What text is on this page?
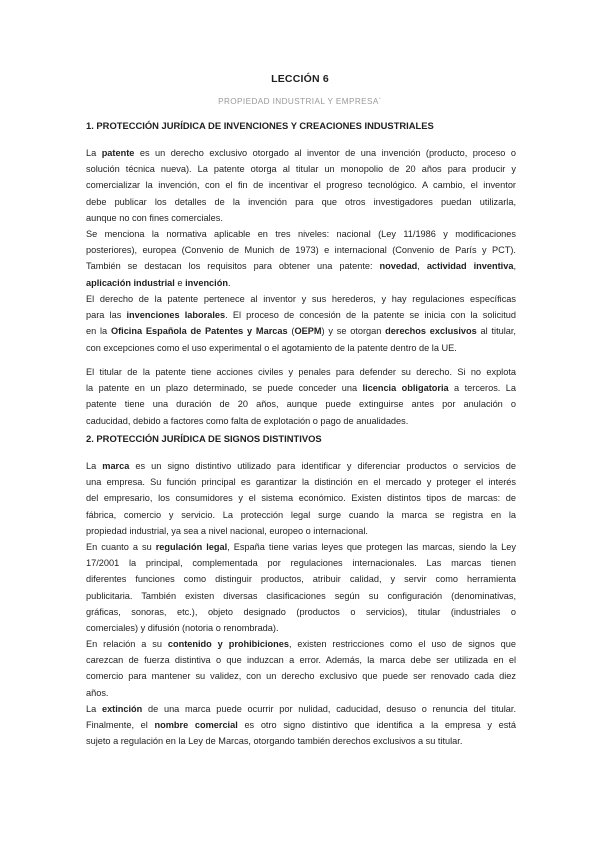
LECCIÓN 6
PROPIEDAD INDUSTRIAL Y EMPRESA´
1. PROTECCIÓN JURÍDICA DE INVENCIONES Y CREACIONES INDUSTRIALES
La patente es un derecho exclusivo otorgado al inventor de una invención (producto, proceso o
solución técnica nueva). La patente otorga al titular un monopolio de 20 años para producir y
comercializar la invención, con el fin de incentivar el progreso tecnológico. A cambio, el inventor
debe publicar los detalles de la invención para que otros investigadores puedan utilizarla,
aunque no con fines comerciales.
Se menciona la normativa aplicable en tres niveles: nacional (Ley 11/1986 y modificaciones
posteriores), europea (Convenio de Munich de 1973) e internacional (Convenio de París y PCT).
También se destacan los requisitos para obtener una patente: novedad, actividad inventiva,
aplicación industrial e invención.
El derecho de la patente pertenece al inventor y sus herederos, y hay regulaciones específicas
para las invenciones laborales. El proceso de concesión de la patente se inicia con la solicitud
en la Oficina Española de Patentes y Marcas (OEPM) y se otorgan derechos exclusivos al titular,
con excepciones como el uso experimental o el agotamiento de la patente dentro de la UE.
El titular de la patente tiene acciones civiles y penales para defender su derecho. Si no explota
la patente en un plazo determinado, se puede conceder una licencia obligatoria a terceros. La
patente tiene una duración de 20 años, aunque puede extinguirse antes por anulación o
caducidad, debido a factores como falta de explotación o pago de anualidades.
2. PROTECCIÓN JURÍDICA DE SIGNOS DISTINTIVOS
La marca es un signo distintivo utilizado para identificar y diferenciar productos o servicios de
una empresa. Su función principal es garantizar la distinción en el mercado y proteger el interés
del empresario, los consumidores y el sistema económico. Existen distintos tipos de marcas: de
fábrica, comercio y servicio. La protección legal surge cuando la marca se registra en la
propiedad industrial, ya sea a nivel nacional, europeo o internacional.
En cuanto a su regulación legal, España tiene varias leyes que protegen las marcas, siendo la Ley
17/2001 la principal, complementada por regulaciones internacionales. Las marcas tienen
diferentes funciones como distinguir productos, atribuir calidad, y servir como herramienta
publicitaria. También existen diversas clasificaciones según su configuración (denominativas,
gráficas, sonoras, etc.), objeto designado (productos o servicios), titular (industriales o
comerciales) y difusión (notoria o renombrada).
En relación a su contenido y prohibiciones, existen restricciones como el uso de signos que
carezcan de fuerza distintiva o que induzcan a error. Además, la marca debe ser utilizada en el
comercio para mantener su validez, con un derecho exclusivo que puede ser renovado cada diez
años.
La extinción de una marca puede ocurrir por nulidad, caducidad, desuso o renuncia del titular.
Finalmente, el nombre comercial es otro signo distintivo que identifica a la empresa y está
sujeto a regulación en la Ley de Marcas, otorgando también derechos exclusivos a su titular.
